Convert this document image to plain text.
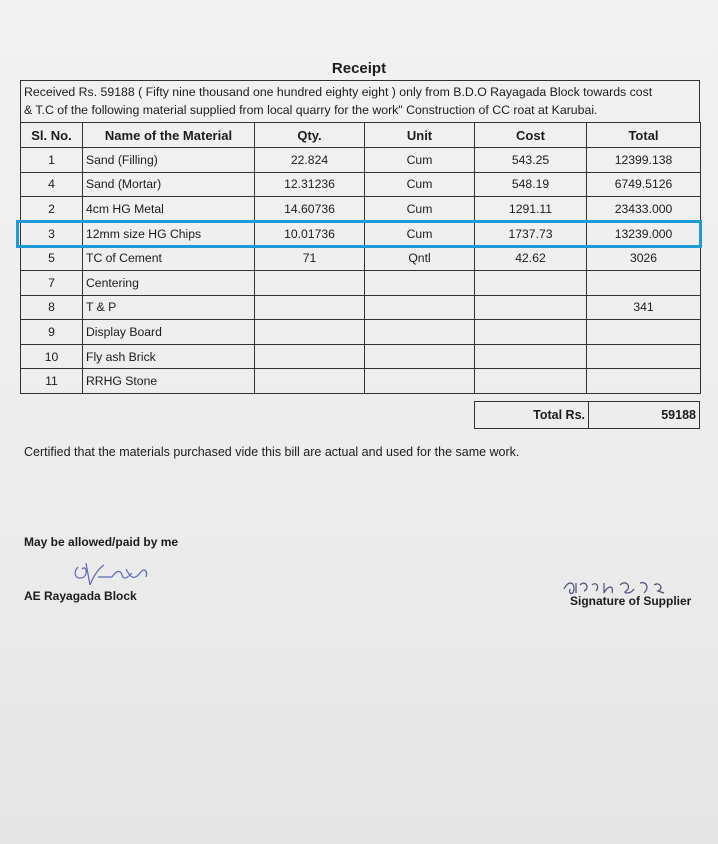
Receipt
Received Rs. 59188 ( Fifty nine thousand one hundred eighty eight ) only from B.D.O Rayagada Block towards cost
& T.C of the following material supplied from local quarry for the work" Construction of CC roat at Karubai.
Sl. No.	Name of the Material	Qty.	Unit	Cost	Total
1	Sand (Filling)	22.824	Cum	543.25	12399.138
4	Sand (Mortar)	12.31236	Cum	548.19	6749.5126
2	4cm HG Metal	14.60736	Cum	1291.11	23433.000
3	12mm size HG Chips	10.01736	Cum	1737.73	13239.000
5	TC of Cement	71	Qntl	42.62	3026
7	Centering				
8	T & P				341
9	Display Board				
10	Fly ash Brick				
11	RRHG Stone				
Total Rs.	59188
Certified that the materials purchased vide this bill are actual and used for the same work.
May be allowed/paid by me
AE Rayagada Block	Signature of Supplier
